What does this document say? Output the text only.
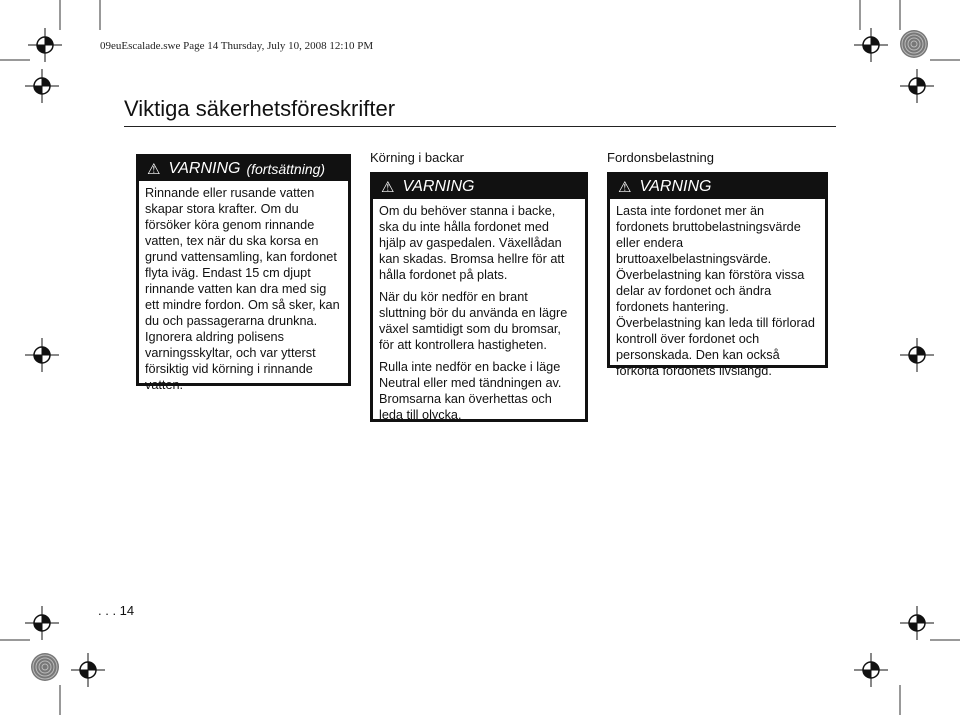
09euEscalade.swe Page 14 Thursday, July 10, 2008 12:10 PM
Viktiga säkerhetsföreskrifter
⚠ VARNING (fortsättning)

Rinnande eller rusande vatten skapar stora krafter. Om du försöker köra genom rinnande vatten, tex när du ska korsa en grund vattensamling, kan fordonet flyta iväg. Endast 15 cm djupt rinnande vatten kan dra med sig ett mindre fordon. Om så sker, kan du och passagerarna drunkna. Ignorera aldring polisens varningsskyltar, och var ytterst försiktig vid körning i rinnande vatten.

Körning i backar
⚠ VARNING

Om du behöver stanna i backe, ska du inte hålla fordonet med hjälp av gaspedalen. Växellådan kan skadas. Bromsa hellre för att hålla fordonet på plats.

När du kör nedför en brant sluttning bör du använda en lägre växel samtidigt som du bromsar, för att kontrollera hastigheten.

Rulla inte nedför en backe i läge Neutral eller med tändningen av. Bromsarna kan överhettas och leda till olycka.

Fordonsbelastning
⚠ VARNING

Lasta inte fordonet mer än fordonets bruttobelastningsvärde eller endera bruttoaxelbelastningsvärde. Överbelastning kan förstöra vissa delar av fordonet och ändra fordonets hantering. Överbelastning kan leda till förlorad kontroll över fordonet och personskada. Den kan också förkorta fordonets livslängd.

. . . 14
